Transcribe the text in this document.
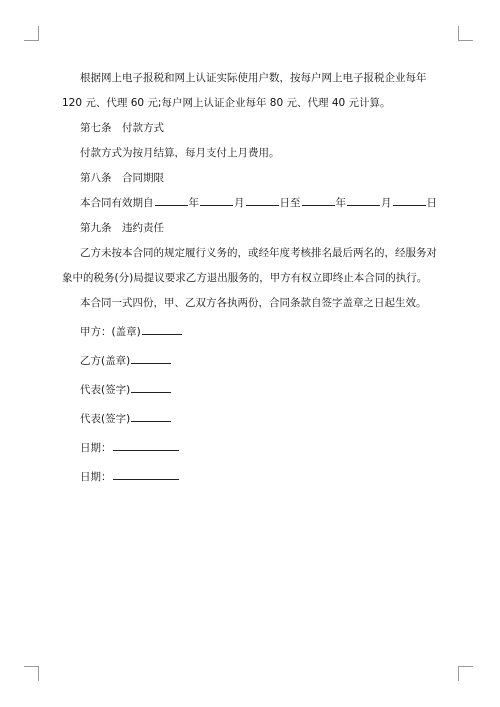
根据网上电子报税和网上认证实际使用户数，按每户网上电子报税企业每年 120 元、代理 60 元;每户网上认证企业每年 80 元、代理 40 元计算。

第七条　付款方式

付款方式为按月结算，每月支付上月费用。

第八条　合同期限

本合同有效期自	年	月	日至	年	月	日

第九条　违约责任

乙方未按本合同的规定履行义务的，或经年度考核排名最后两名的，经服务对象中的税务(分)局提议要求乙方退出服务的，甲方有权立即终止本合同的执行。

本合同一式四份，甲、乙双方各执两份，合同条款自签字盖章之日起生效。

甲方：(盖章)

乙方(盖章)

代表(签字)

代表(签字)

日期：

日期：
